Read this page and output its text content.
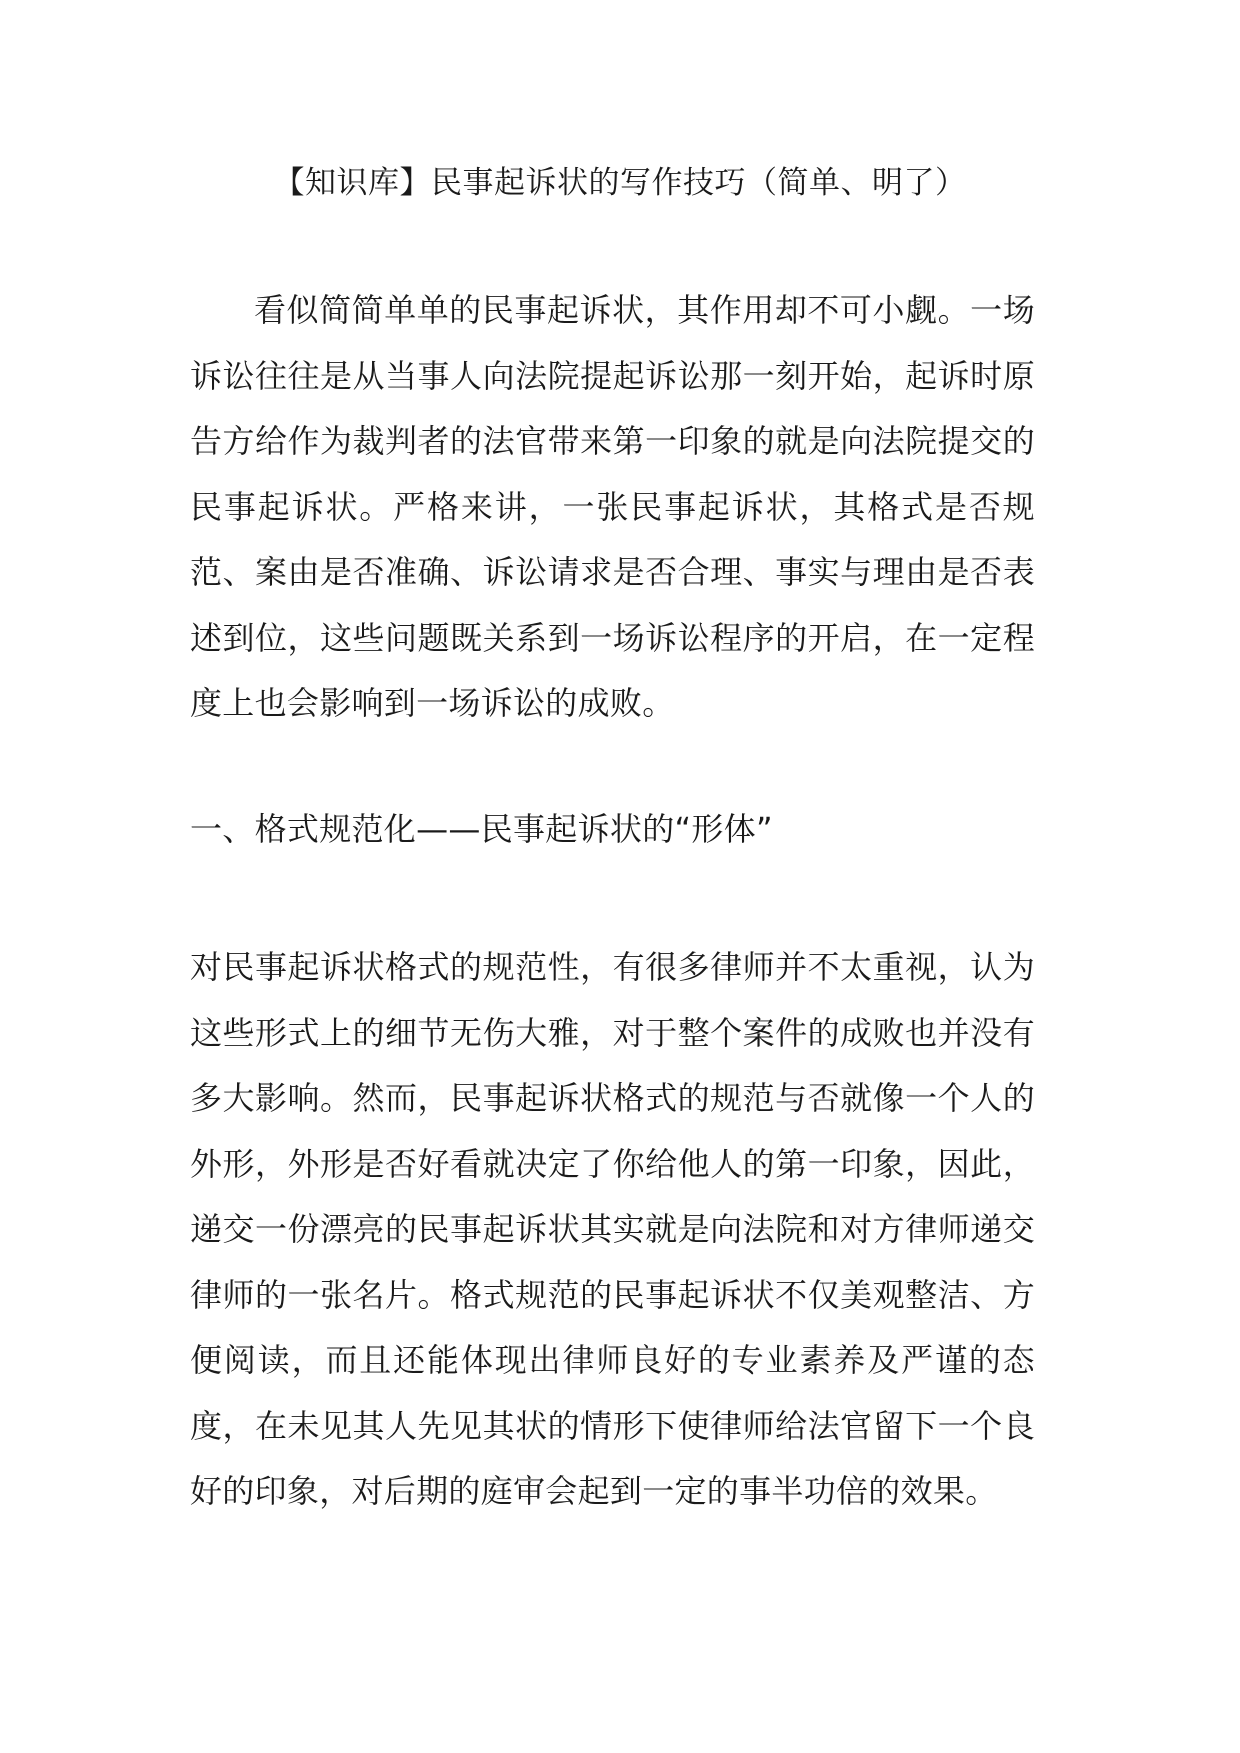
【知识库】民事起诉状的写作技巧（简单、明了）

看似简简单单的民事起诉状，其作用却不可小觑。一场诉讼往往是从当事人向法院提起诉讼那一刻开始，起诉时原告方给作为裁判者的法官带来第一印象的就是向法院提交的民事起诉状。严格来讲，一张民事起诉状，其格式是否规范、案由是否准确、诉讼请求是否合理、事实与理由是否表述到位，这些问题既关系到一场诉讼程序的开启，在一定程度上也会影响到一场诉讼的成败。

一、格式规范化——民事起诉状的“形体”

对民事起诉状格式的规范性，有很多律师并不太重视，认为这些形式上的细节无伤大雅，对于整个案件的成败也并没有多大影响。然而，民事起诉状格式的规范与否就像一个人的外形，外形是否好看就决定了你给他人的第一印象，因此，递交一份漂亮的民事起诉状其实就是向法院和对方律师递交律师的一张名片。格式规范的民事起诉状不仅美观整洁、方便阅读，而且还能体现出律师良好的专业素养及严谨的态度，在未见其人先见其状的情形下使律师给法官留下一个良好的印象，对后期的庭审会起到一定的事半功倍的效果。
